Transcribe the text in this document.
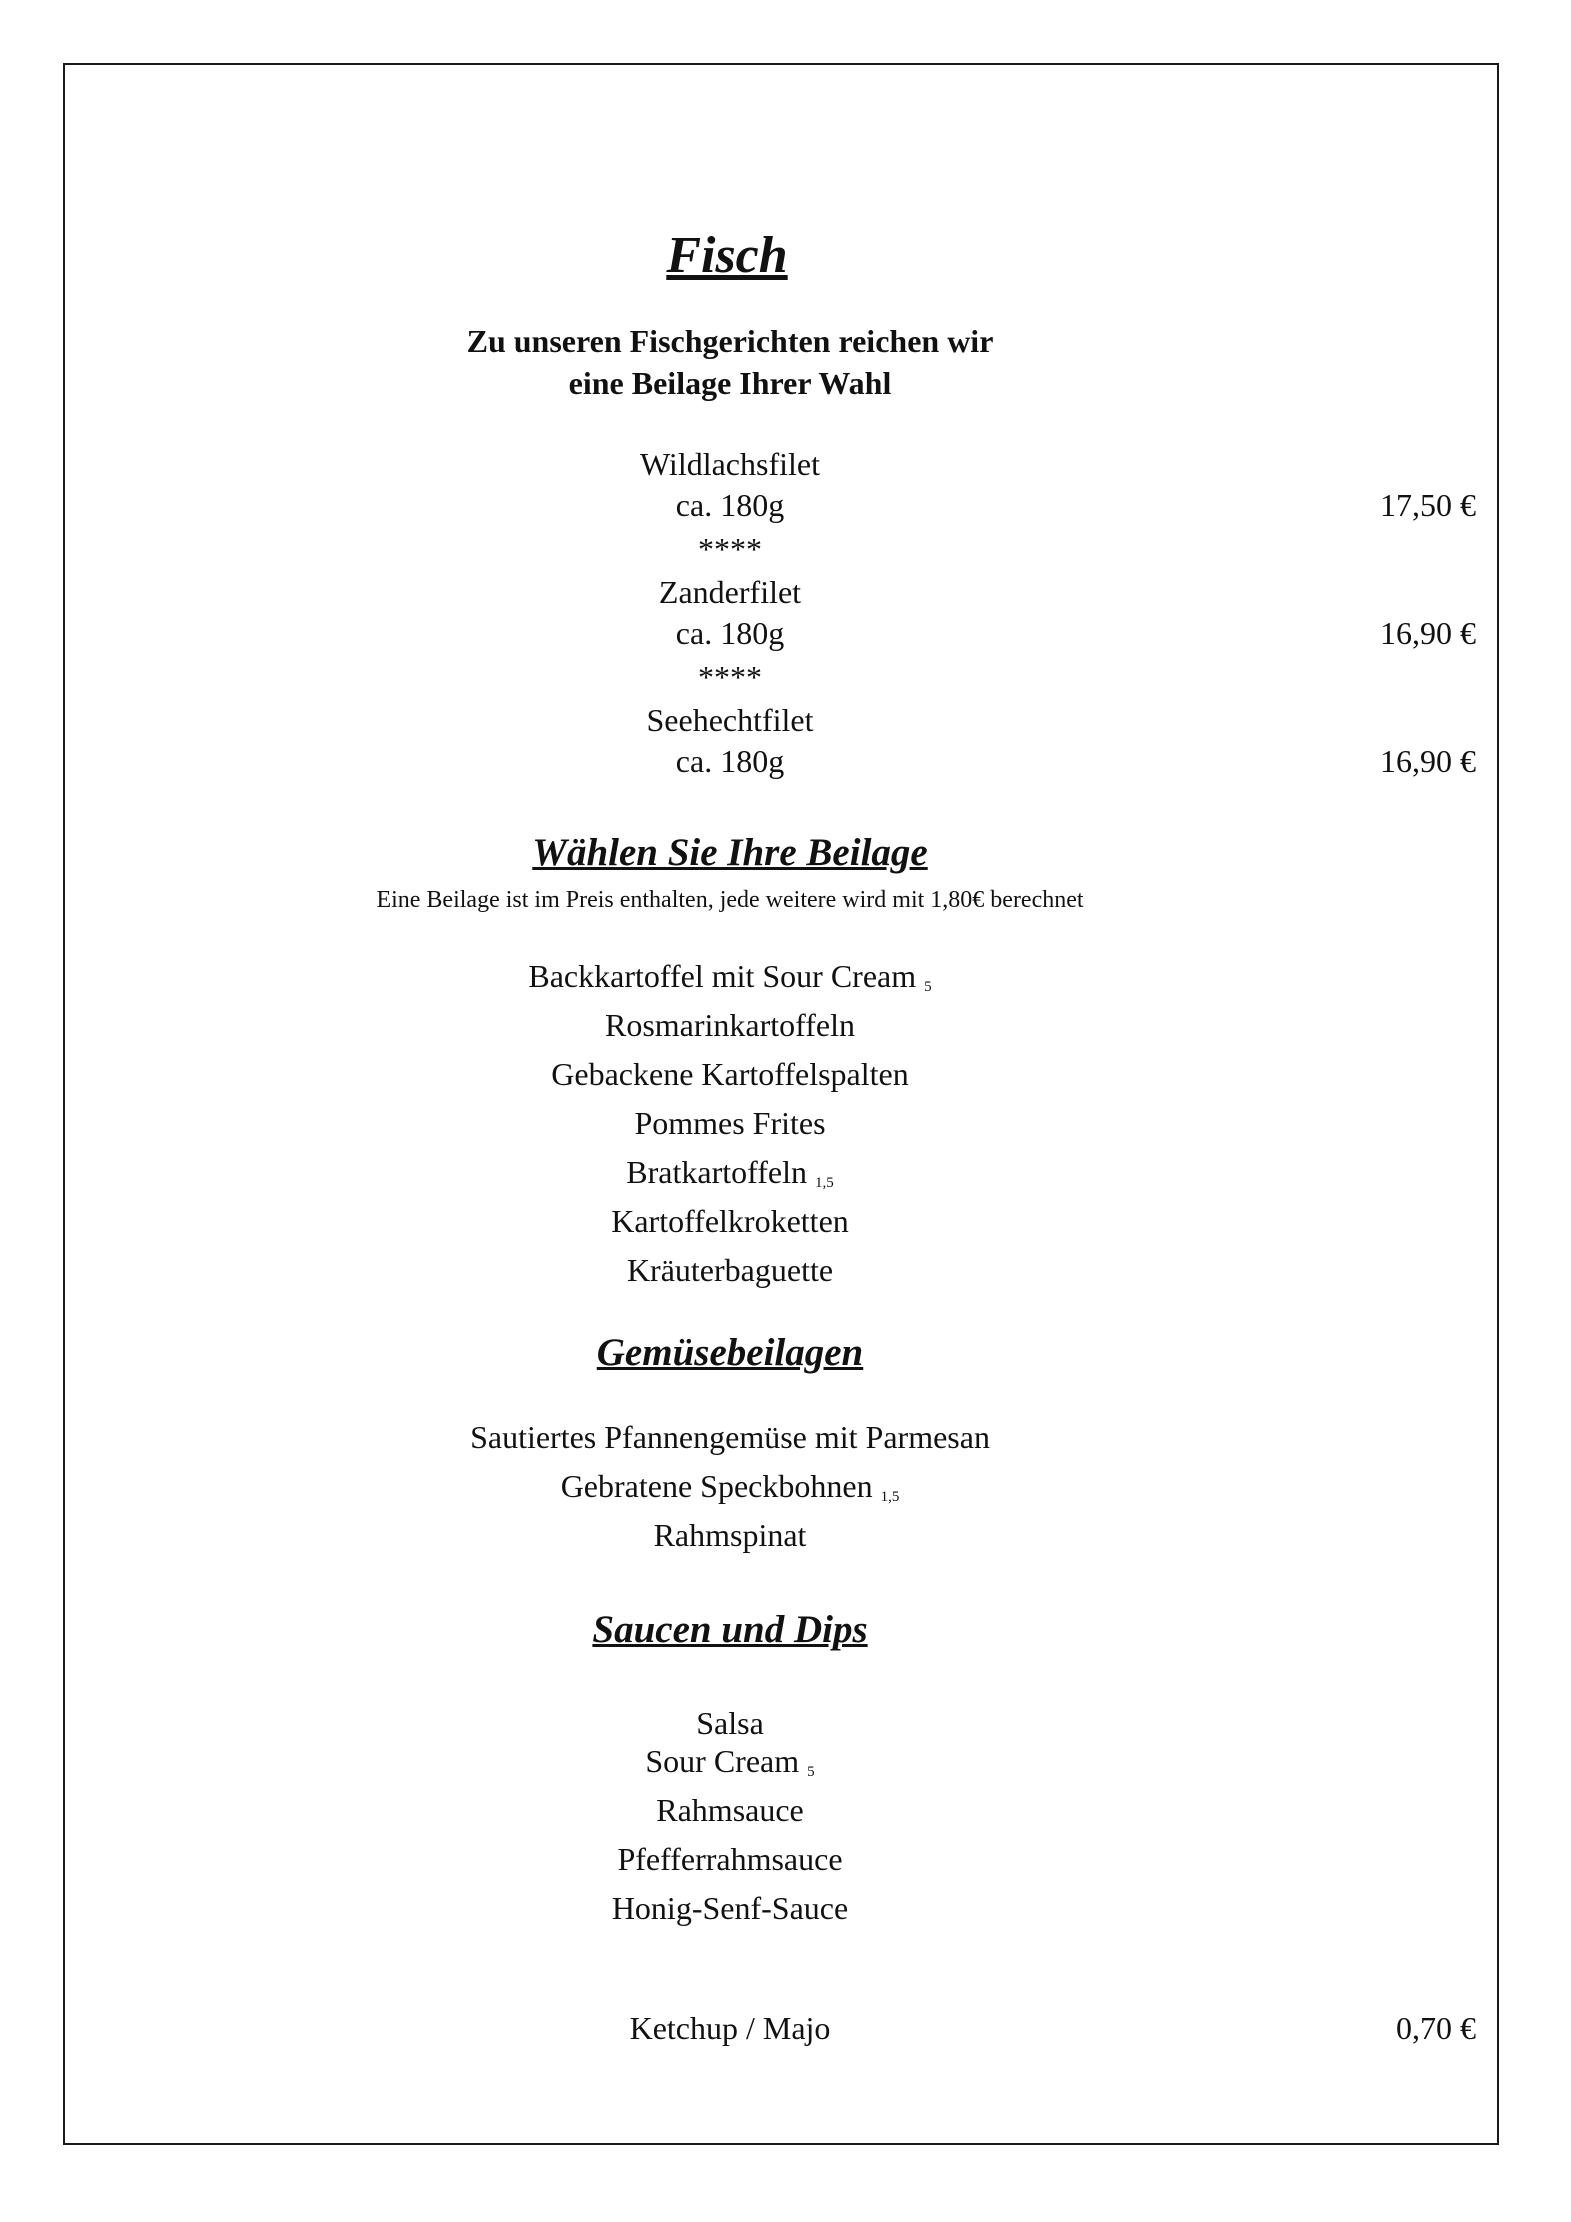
Fisch
Zu unseren Fischgerichten reichen wir
eine Beilage Ihrer Wahl
Wildlachsfilet
ca. 180g	17,50 €
****
Zanderfilet
ca. 180g	16,90 €
****
Seehechtfilet
ca. 180g	16,90 €
Wählen Sie Ihre Beilage
Eine Beilage ist im Preis enthalten, jede weitere wird mit 1,80€ berechnet
Backkartoffel mit Sour Cream $_5$
Rosmarinkartoffeln
Gebackene Kartoffelspalten
Pommes Frites
Bratkartoffeln $_{1,5}$
Kartoffelkroketten
Kräuterbaguette
Gemüsebeilagen
Sautiertes Pfannengemüse mit Parmesan
Gebratene Speckbohnen $_{1,5}$
Rahmspinat
Saucen und Dips
Salsa
Sour Cream $_5$
Rahmsauce
Pfefferrahmsauce
Honig-Senf-Sauce
Ketchup / Majo	0,70 €
